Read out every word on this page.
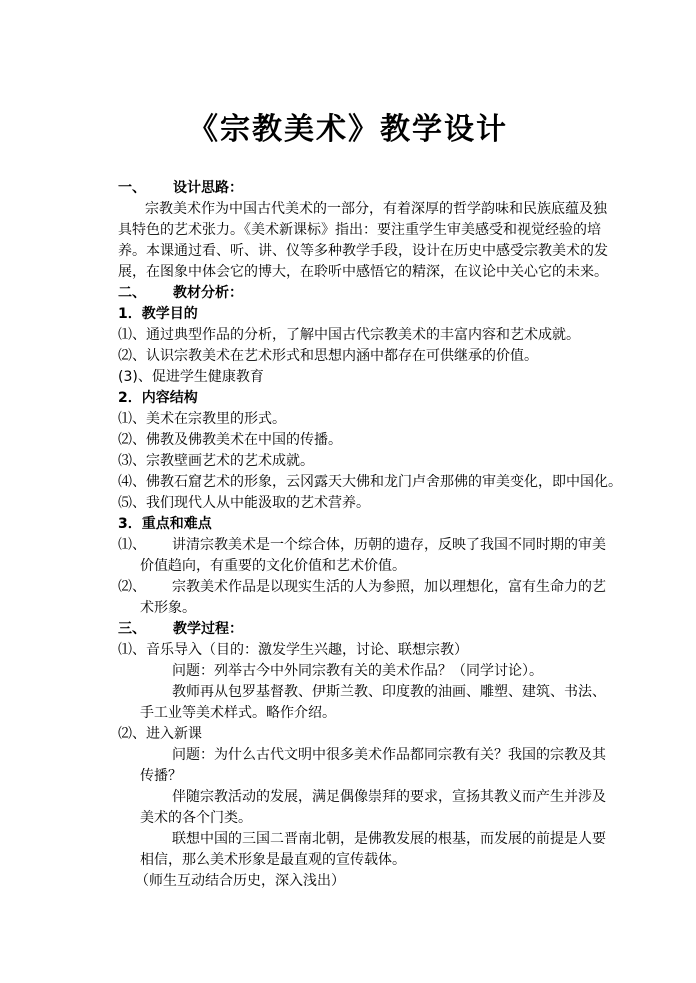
《宗教美术》教学设计
一、 设计思路：
宗教美术作为中国古代美术的一部分，有着深厚的哲学韵味和民族底蕴及独
具特色的艺术张力。《美术新课标》指出：要注重学生审美感受和视觉经验的培
养。本课通过看、听、讲、仪等多种教学手段，设计在历史中感受宗教美术的发
展，在图象中体会它的博大，在聆听中感悟它的精深，在议论中关心它的未来。
二、 教材分析：
1．教学目的
⑴、通过典型作品的分析，了解中国古代宗教美术的丰富内容和艺术成就。
⑵、认识宗教美术在艺术形式和思想内涵中都存在可供继承的价值。
(3)、促进学生健康教育
2．内容结构
⑴、美术在宗教里的形式。
⑵、佛教及佛教美术在中国的传播。
⑶、宗教壁画艺术的艺术成就。
⑷、佛教石窟艺术的形象，云冈露天大佛和龙门卢舍那佛的审美变化，即中国化。
⑸、我们现代人从中能汲取的艺术营养。
3．重点和难点
⑴、 讲清宗教美术是一个综合体，历朝的遗存，反映了我国不同时期的审美
价值趋向，有重要的文化价值和艺术价值。
⑵、 宗教美术作品是以现实生活的人为参照，加以理想化，富有生命力的艺
术形象。
三、 教学过程：
⑴、音乐导入（目的：激发学生兴趣，讨论、联想宗教）
问题：列举古今中外同宗教有关的美术作品？（同学讨论）。
教师再从包罗基督教、伊斯兰教、印度教的油画、雕塑、建筑、书法、
手工业等美术样式。略作介绍。
⑵、进入新课
问题：为什么古代文明中很多美术作品都同宗教有关？我国的宗教及其
传播？
伴随宗教活动的发展，满足偶像崇拜的要求，宣扬其教义而产生并涉及
美术的各个门类。
联想中国的三国二晋南北朝，是佛教发展的根基，而发展的前提是人要
相信，那么美术形象是最直观的宣传载体。
（师生互动结合历史，深入浅出）
